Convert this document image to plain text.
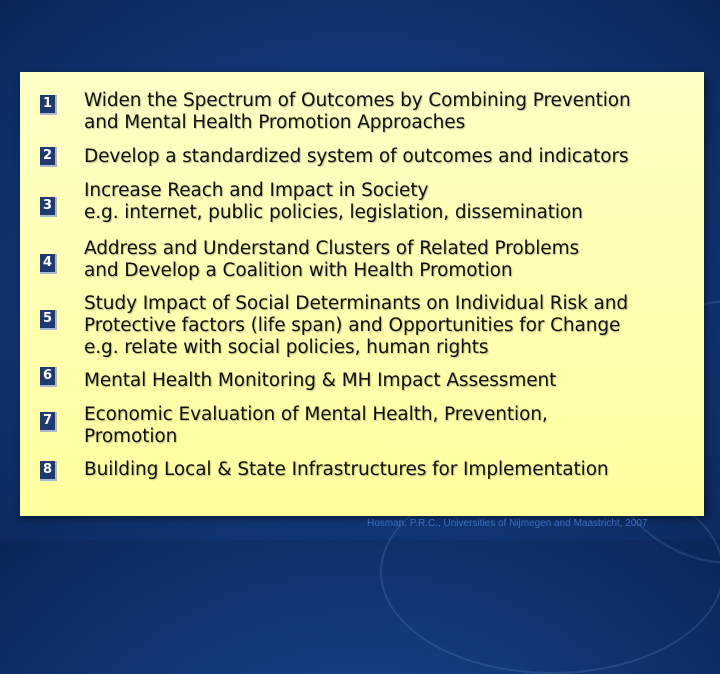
1 Widen the Spectrum of Outcomes by Combining Prevention
and Mental Health Promotion Approaches
2 Develop a standardized system of outcomes and indicators
3
Increase Reach and Impact in Society
e.g. internet, public policies, legislation, dissemination
4
Address and Understand Clusters of Related Problems
and Develop a Coalition with Health Promotion
5
Study Impact of Social Determinants on Individual Risk and
Protective factors (life span) and Opportunities for Change
e.g. relate with social policies, human rights
6 Mental Health Monitoring & MH Impact Assessment
7 Economic Evaluation of Mental Health, Prevention,
Promotion
8 Building Local & State Infrastructures for Implementation
Hosman, P.R.C., Universities of Nijmegen and Maastricht, 2007
